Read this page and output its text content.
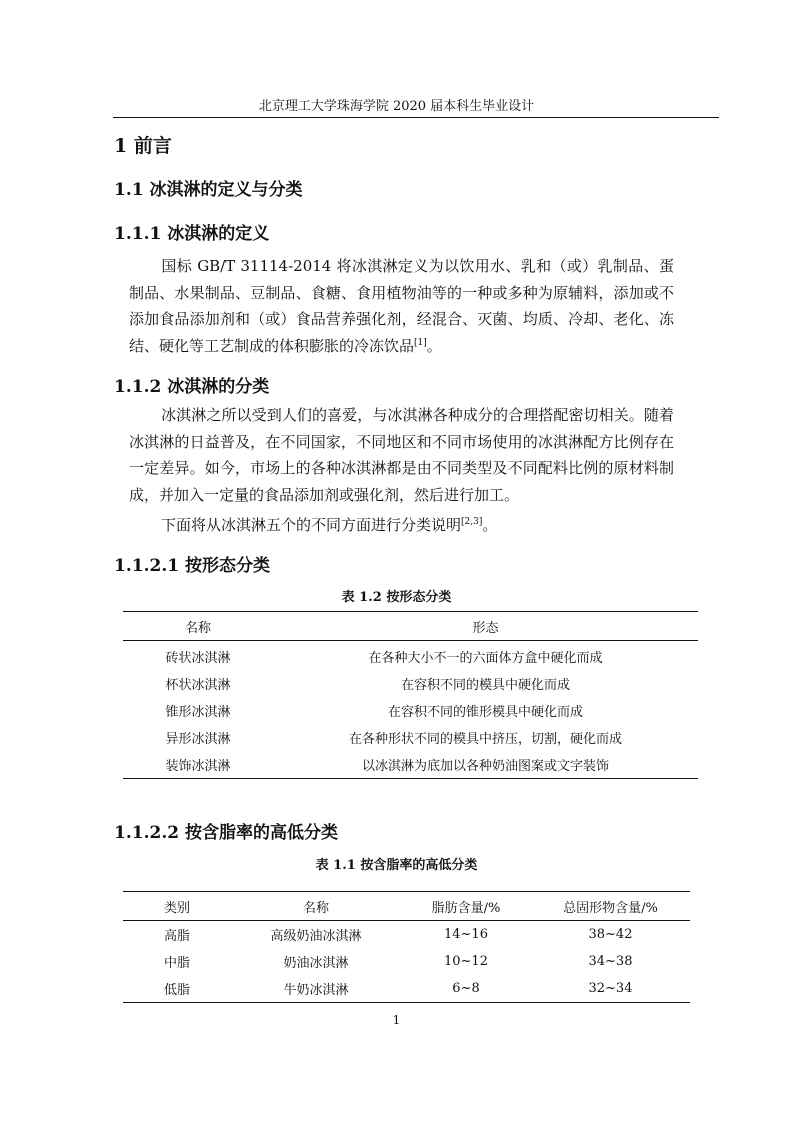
北京理工大学珠海学院 2020 届本科生毕业设计
1 前言
1.1 冰淇淋的定义与分类
1.1.1 冰淇淋的定义

国标 GB/T 31114-2014 将冰淇淋定义为以饮用水、乳和（或）乳制品、蛋制品、水果制品、豆制品、食糖、食用植物油等的一种或多种为原辅料，添加或不添加食品添加剂和（或）食品营养强化剂，经混合、灭菌、均质、冷却、老化、冻结、硬化等工艺制成的体积膨胀的冷冻饮品[1]。

1.1.2 冰淇淋的分类

冰淇淋之所以受到人们的喜爱，与冰淇淋各种成分的合理搭配密切相关。随着冰淇淋的日益普及，在不同国家，不同地区和不同市场使用的冰淇淋配方比例存在一定差异。如今，市场上的各种冰淇淋都是由不同类型及不同配料比例的原材料制成，并加入一定量的食品添加剂或强化剂，然后进行加工。

下面将从冰淇淋五个的不同方面进行分类说明[2,3]。

1.1.2.1 按形态分类
表 1.2 按形态分类
名称	形态
砖状冰淇淋	在各种大小不一的六面体方盒中硬化而成
杯状冰淇淋	在容积不同的模具中硬化而成
锥形冰淇淋	在容积不同的锥形模具中硬化而成
异形冰淇淋	在各种形状不同的模具中挤压，切割，硬化而成
装饰冰淇淋	以冰淇淋为底加以各种奶油图案或文字装饰
1.1.2.2 按含脂率的高低分类
表 1.1 按含脂率的高低分类
类别	名称	脂肪含量/%	总固形物含量/%
高脂	高级奶油冰淇淋	14~16	38~42
中脂	奶油冰淇淋	10~12	34~38
低脂	牛奶冰淇淋	6~8	32~34
1
